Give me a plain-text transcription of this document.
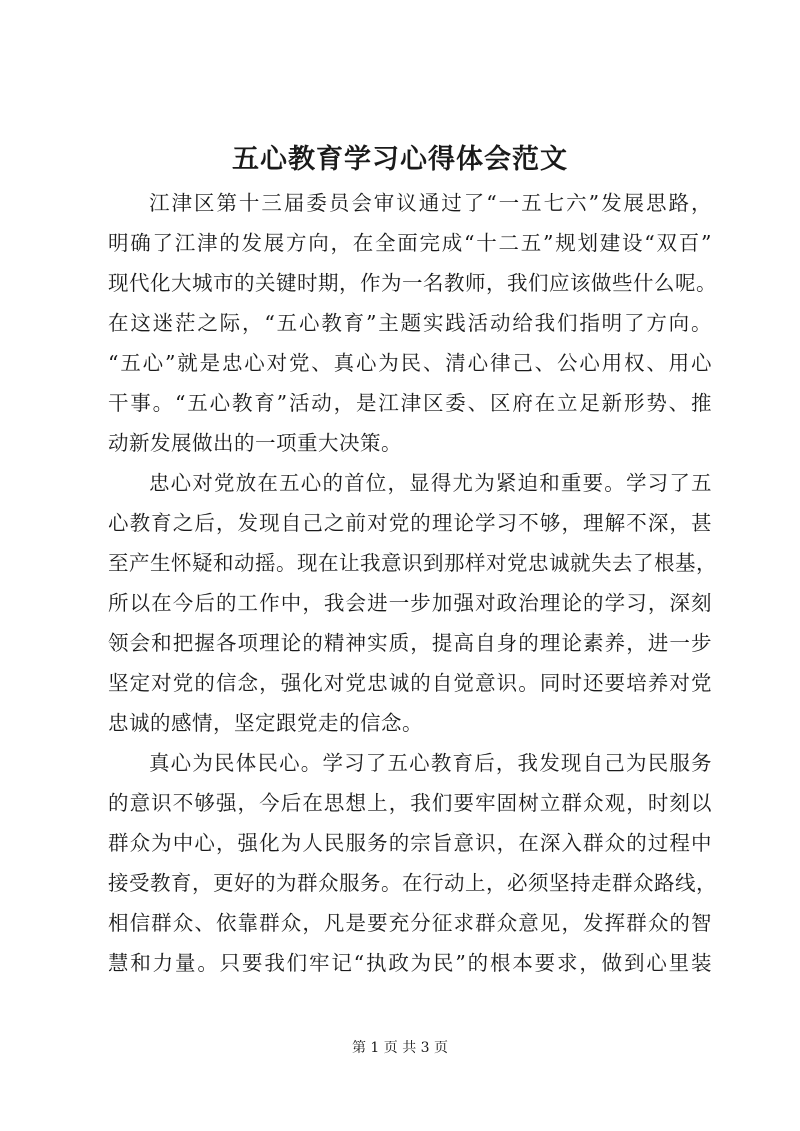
五心教育学习心得体会范文
江津区第十三届委员会审议通过了“一五七六”发展思路，
明确了江津的发展方向，在全面完成“十二五”规划建设“双百”
现代化大城市的关键时期，作为一名教师，我们应该做些什么呢。
在这迷茫之际，“五心教育”主题实践活动给我们指明了方向。
“五心”就是忠心对党、真心为民、清心律己、公心用权、用心
干事。“五心教育”活动，是江津区委、区府在立足新形势、推
动新发展做出的一项重大决策。
忠心对党放在五心的首位，显得尤为紧迫和重要。学习了五
心教育之后，发现自己之前对党的理论学习不够，理解不深，甚
至产生怀疑和动摇。现在让我意识到那样对党忠诚就失去了根基，
所以在今后的工作中，我会进一步加强对政治理论的学习，深刻
领会和把握各项理论的精神实质，提高自身的理论素养，进一步
坚定对党的信念，强化对党忠诚的自觉意识。同时还要培养对党
忠诚的感情，坚定跟党走的信念。
真心为民体民心。学习了五心教育后，我发现自己为民服务
的意识不够强，今后在思想上，我们要牢固树立群众观，时刻以
群众为中心，强化为人民服务的宗旨意识，在深入群众的过程中
接受教育，更好的为群众服务。在行动上，必须坚持走群众路线，
相信群众、依靠群众，凡是要充分征求群众意见，发挥群众的智
慧和力量。只要我们牢记“执政为民”的根本要求，做到心里装
第 1 页 共 3 页
